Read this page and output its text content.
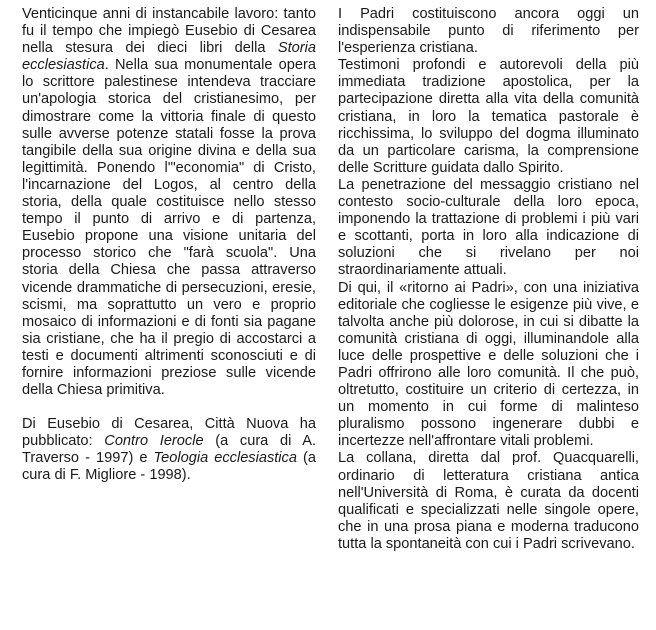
Venticinque anni di instancabile lavoro: tanto fu il tempo che impiegò Eusebio di Cesarea nella stesura dei dieci libri della Storia ecclesiastica. Nella sua monumentale opera lo scrittore palestinese intendeva tracciare un'apologia storica del cristianesimo, per dimostrare come la vittoria finale di questo sulle avverse potenze statali fosse la prova tangibile della sua origine divina e della sua legittimità. Ponendo l'"economia" di Cristo, l'incarnazione del Logos, al centro della storia, della quale costituisce nello stesso tempo il punto di arrivo e di partenza, Eusebio propone una visione unitaria del processo storico che "farà scuola". Una storia della Chiesa che passa attraverso vicende drammatiche di persecuzioni, eresie, scismi, ma soprattutto un vero e proprio mosaico di informazioni e di fonti sia pagane sia cristiane, che ha il pregio di accostarci a testi e documenti altrimenti sconosciuti e di fornire informazioni preziose sulle vicende della Chiesa primitiva.

Di Eusebio di Cesarea, Città Nuova ha pubblicato: Contro Ierocle (a cura di A. Traverso - 1997) e Teologia ecclesiastica (a cura di F. Migliore - 1998).

I Padri costituiscono ancora oggi un indispensabile punto di riferimento per l'esperienza cristiana.

Testimoni profondi e autorevoli della più immediata tradizione apostolica, per la partecipazione diretta alla vita della comunità cristiana, in loro la tematica pastorale è ricchissima, lo sviluppo del dogma illuminato da un particolare carisma, la comprensione delle Scritture guidata dallo Spirito.

La penetrazione del messaggio cristiano nel contesto socio-culturale della loro epoca, imponendo la trattazione di problemi i più vari e scottanti, porta in loro alla indicazione di soluzioni che si rivelano per noi straordinariamente attuali.

Di qui, il «ritorno ai Padri», con una iniziativa editoriale che cogliesse le esigenze più vive, e talvolta anche più dolorose, in cui si dibatte la comunità cristiana di oggi, illuminandole alla luce delle prospettive e delle soluzioni che i Padri offrirono alle loro comunità. Il che può, oltretutto, costituire un criterio di certezza, in un momento in cui forme di malinteso pluralismo possono ingenerare dubbi e incertezze nell'affrontare vitali problemi.

La collana, diretta dal prof. Quacquarelli, ordinario di letteratura cristiana antica nell'Università di Roma, è curata da docenti qualificati e specializzati nelle singole opere, che in una prosa piana e moderna traducono tutta la spontaneità con cui i Padri scrivevano.
